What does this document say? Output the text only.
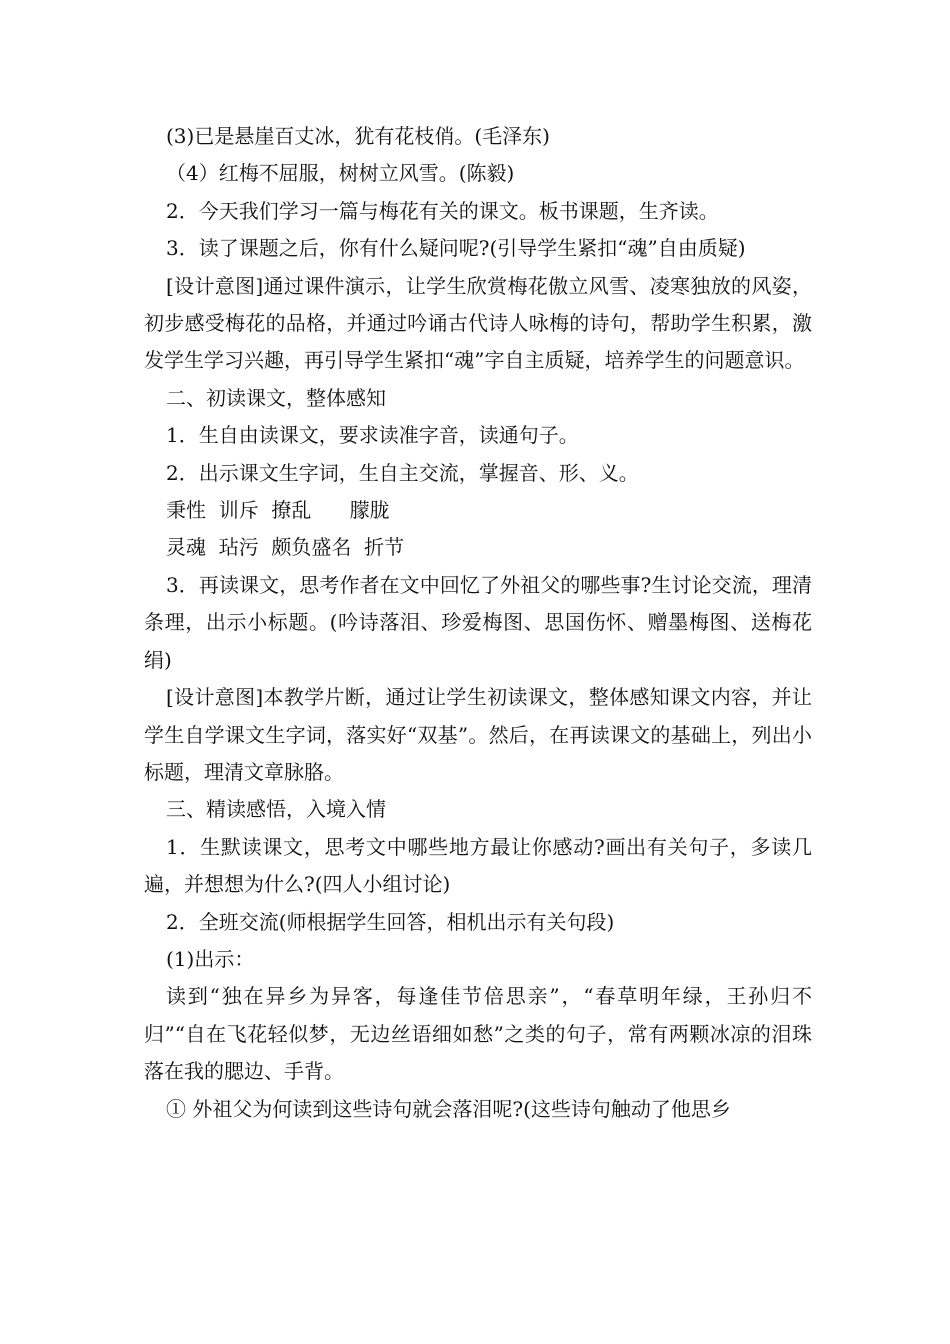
(3)已是悬崖百丈冰，犹有花枝俏。(毛泽东)

（4）红梅不屈服，树树立风雪。(陈毅)

2．今天我们学习一篇与梅花有关的课文。板书课题，生齐读。

3．读了课题之后，你有什么疑问呢?(引导学生紧扣“魂”自由质疑)

[设计意图]通过课件演示，让学生欣赏梅花傲立风雪、凌寒独放的风姿，初步感受梅花的品格，并通过吟诵古代诗人咏梅的诗句，帮助学生积累，激发学生学习兴趣，再引导学生紧扣“魂”字自主质疑，培养学生的问题意识。

二、初读课文，整体感知

1．生自由读课文，要求读准字音，读通句子。

2．出示课文生字词，生自主交流，掌握音、形、义。

秉性  训斥  撩乱      朦胧

灵魂  玷污  颇负盛名  折节

3．再读课文，思考作者在文中回忆了外祖父的哪些事?生讨论交流，理清条理，出示小标题。(吟诗落泪、珍爱梅图、思国伤怀、赠墨梅图、送梅花绢)

[设计意图]本教学片断，通过让学生初读课文，整体感知课文内容，并让学生自学课文生字词，落实好“双基”。然后，在再读课文的基础上，列出小标题，理清文章脉胳。

三、精读感悟，入境入情

1．生默读课文，思考文中哪些地方最让你感动?画出有关句子，多读几遍，并想想为什么?(四人小组讨论)

2．全班交流(师根据学生回答，相机出示有关句段)

(1)出示：

读到“独在异乡为异客，每逢佳节倍思亲”，“春草明年绿，王孙归不归”“自在飞花轻似梦，无边丝语细如愁”之类的句子，常有两颗冰凉的泪珠落在我的腮边、手背。

① 外祖父为何读到这些诗句就会落泪呢?(这些诗句触动了他思乡
